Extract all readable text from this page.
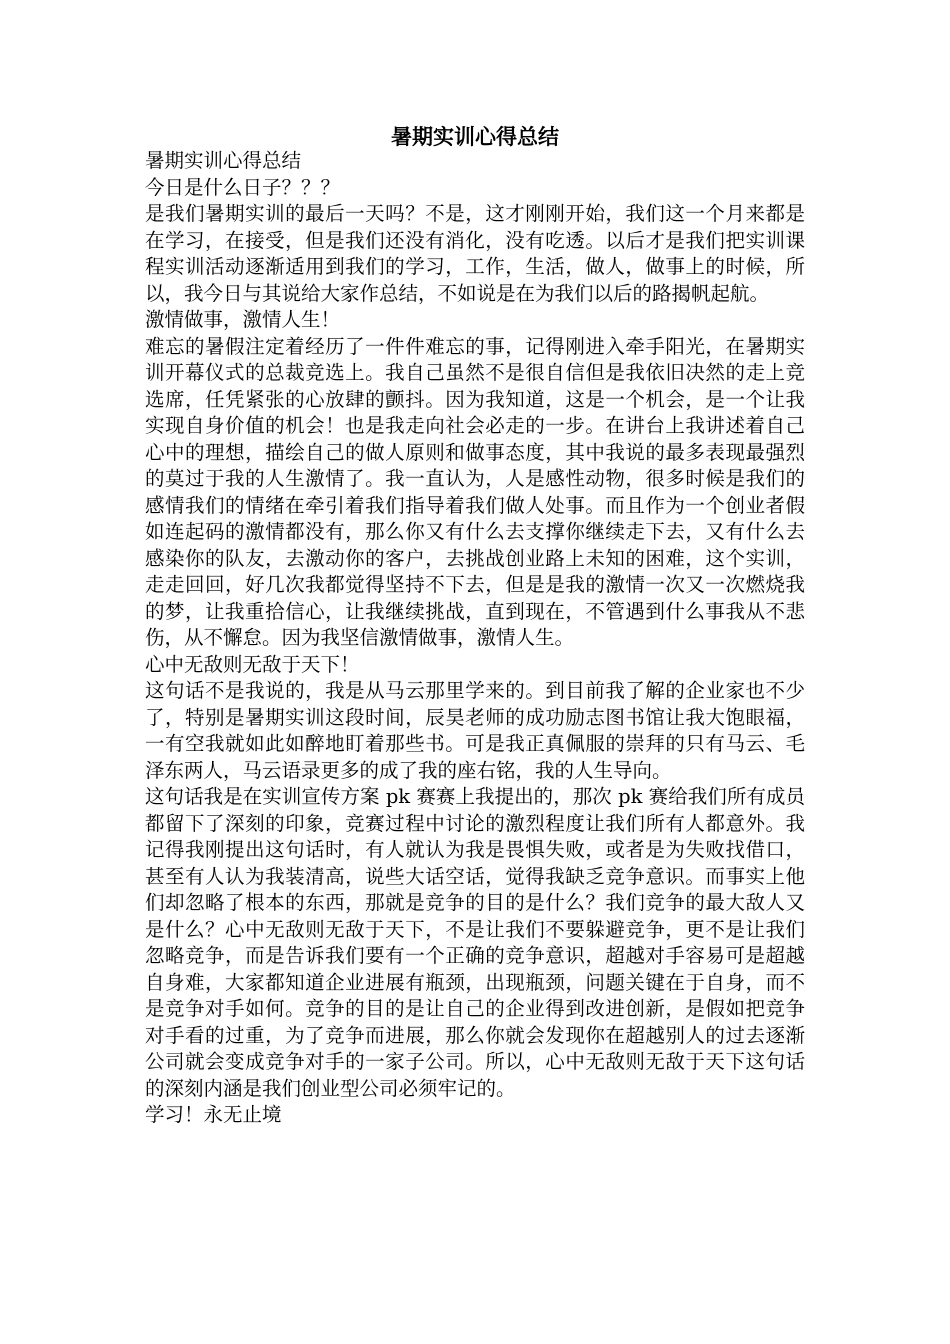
暑期实训心得总结

暑期实训心得总结

今日是什么日子？？？

是我们暑期实训的最后一天吗？不是，这才刚刚开始，我们这一个月来都是在学习，在接受，但是我们还没有消化，没有吃透。以后才是我们把实训课程实训活动逐渐适用到我们的学习，工作，生活，做人，做事上的时候，所以，我今日与其说给大家作总结，不如说是在为我们以后的路揭帆起航。

激情做事，激情人生！

难忘的暑假注定着经历了一件件难忘的事，记得刚进入牵手阳光，在暑期实训开幕仪式的总裁竞选上。我自己虽然不是很自信但是我依旧决然的走上竞选席，任凭紧张的心放肆的颤抖。因为我知道，这是一个机会，是一个让我实现自身价值的机会！也是我走向社会必走的一步。在讲台上我讲述着自己心中的理想，描绘自己的做人原则和做事态度，其中我说的最多表现最强烈的莫过于我的人生激情了。我一直认为，人是感性动物，很多时候是我们的感情我们的情绪在牵引着我们指导着我们做人处事。而且作为一个创业者假如连起码的激情都没有，那么你又有什么去支撑你继续走下去，又有什么去感染你的队友，去激动你的客户，去挑战创业路上未知的困难，这个实训，走走回回，好几次我都觉得坚持不下去，但是是我的激情一次又一次燃烧我的梦，让我重拾信心，让我继续挑战，直到现在，不管遇到什么事我从不悲伤，从不懈怠。因为我坚信激情做事，激情人生。

心中无敌则无敌于天下！

这句话不是我说的，我是从马云那里学来的。到目前我了解的企业家也不少了，特别是暑期实训这段时间，辰昊老师的成功励志图书馆让我大饱眼福，一有空我就如此如醉地盯着那些书。可是我正真佩服的崇拜的只有马云、毛泽东两人，马云语录更多的成了我的座右铭，我的人生导向。

这句话我是在实训宣传方案 pk 赛赛上我提出的，那次 pk 赛给我们所有成员都留下了深刻的印象，竞赛过程中讨论的激烈程度让我们所有人都意外。我记得我刚提出这句话时，有人就认为我是畏惧失败，或者是为失败找借口，甚至有人认为我装清高，说些大话空话，觉得我缺乏竞争意识。而事实上他们却忽略了根本的东西，那就是竞争的目的是什么？我们竞争的最大敌人又是什么？心中无敌则无敌于天下，不是让我们不要躲避竞争，更不是让我们忽略竞争，而是告诉我们要有一个正确的竞争意识，超越对手容易可是超越自身难，大家都知道企业进展有瓶颈，出现瓶颈，问题关键在于自身，而不是竞争对手如何。竞争的目的是让自己的企业得到改进创新，是假如把竞争对手看的过重，为了竞争而进展，那么你就会发现你在超越别人的过去逐渐公司就会变成竞争对手的一家子公司。所以，心中无敌则无敌于天下这句话的深刻内涵是我们创业型公司必须牢记的。

学习！永无止境
